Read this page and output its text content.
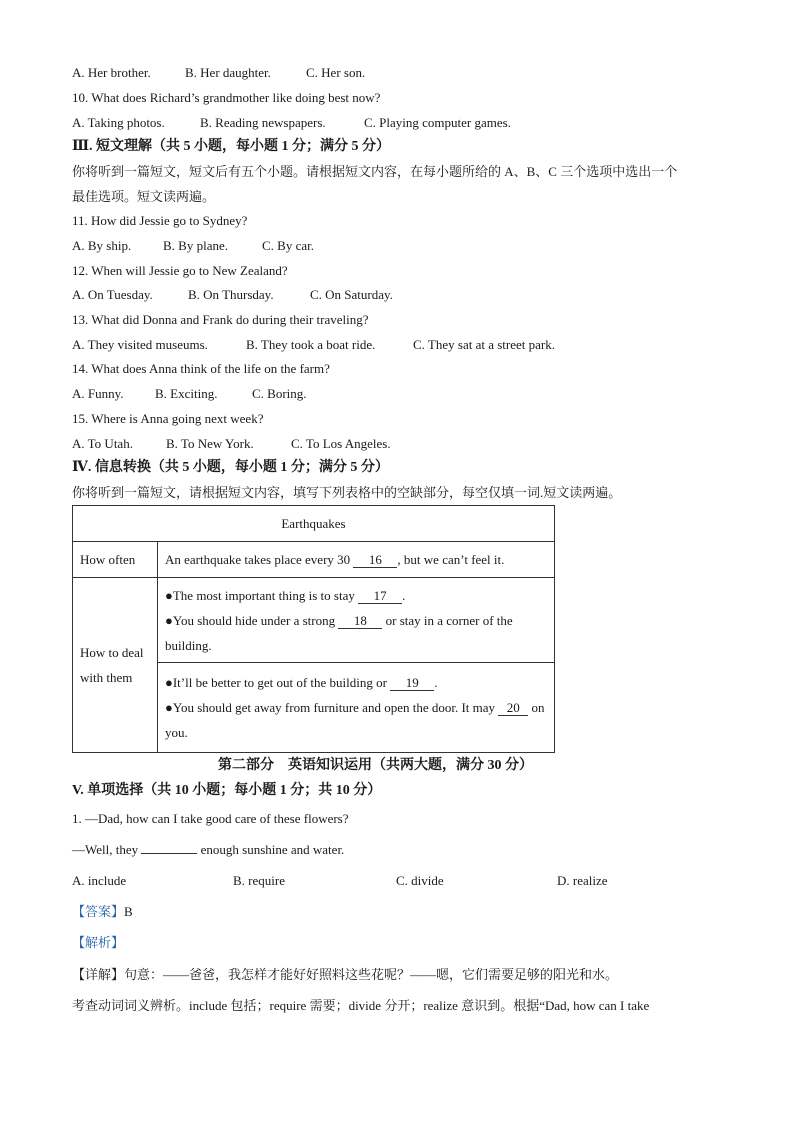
A. Her brother.	B. Her daughter.	C. Her son.
10. What does Richard’s grandmother like doing best now?
A. Taking photos.	B. Reading newspapers.	C. Playing computer games.
Ⅲ. 短文理解（共 5 小题，每小题 1 分；满分 5 分）
你将听到一篇短文，短文后有五个小题。请根据短文内容，在每小题所给的 A、B、C 三个选项中选出一个
最佳选项。短文读两遍。
11. How did Jessie go to Sydney?
A. By ship. B. By plane.	C. By car.
12. When will Jessie go to New Zealand?
A. On Tuesday.	B. On Thursday.	C. On Saturday.
13. What did Donna and Frank do during their traveling?
A. They visited museums.	B. They took a boat ride.	C. They sat at a street park.
14. What does Anna think of the life on the farm?
A. Funny. B. Exciting.	C. Boring.
15. Where is Anna going next week?
A. To Utah.	B. To New York.	C. To Los Angeles.
Ⅳ. 信息转换（共 5 小题，每小题 1 分；满分 5 分）
你将听到一篇短文，请根据短文内容，填写下列表格中的空缺部分，每空仅填一词.短文读两遍。
Earthquakes	
How often	An earthquake takes place every 30 16 , but we can’t feel it.
How to deal with them	●The most important thing is to stay 17 .
●You should hide under a strong 18 or stay in a corner of the building.

	●It’ll be better to get out of the building or 19 .
●You should get away from furniture and open the door. It may 20 on you.
第二部分　英语知识运用（共两大题，满分 30 分）
V. 单项选择（共 10 小题；每小题 1 分；共 10 分）
1. —Dad, how can I take good care of these flowers?
—Well, they	enough sunshine and water.
A. include	B. require	C. divide	D. realize
【答案】B
【解析】
【详解】句意：——爸爸，我怎样才能好好照料这些花呢？——嗯，它们需要足够的阳光和水。
考查动词词义辨析。include 包括；require 需要；divide 分开；realize 意识到。根据“Dad, how can I take
